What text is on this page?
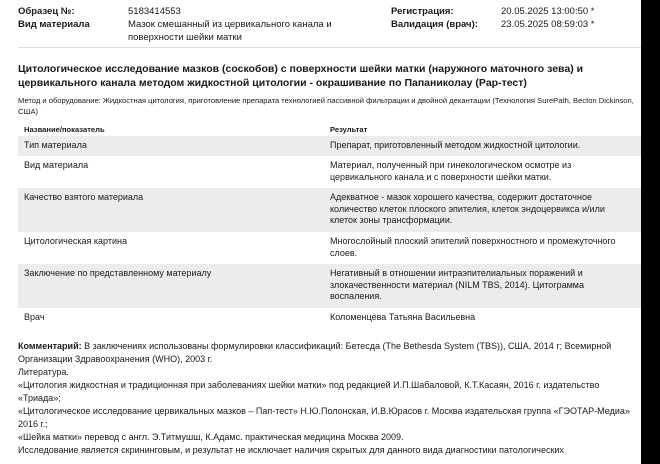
Образец №:	5183414553
Вид материала	Мазок смешанный из цервикального канала и поверхности шейки матки
Регистрация:	20.05.2025 13:00:50 *
Валидация (врач): 23.05.2025 08:59:03 *
Цитологическое исследование мазков (соскобов) с поверхности шейки матки (наружного маточного зева) и цервикального канала методом жидкостной цитологии - окрашивание по Папаниколау (Pap-тест)
Метод и оборудование: Жидкостная цитология, приготовление препарата технологией пассивной фильтрации и двойной декантации (Технология SurePath, Becton Dickinson, США)
Название/показатель	Результат
Тип материала	Препарат, приготовленный методом жидкостной цитологии.
Вид материала	Материал, полученный при гинекологическом осмотре из цервикального канала и с поверхности шейки матки.
Качество взятого материала	Адекватное - мазок хорошего качества, содержит достаточное количество клеток плоского эпителия, клеток эндоцервикса и/или клеток зоны трансформации.
Цитологическая картина	Многослойный плоский эпителий поверхностного и промежуточного слоев.
Заключение по представленному материалу	Негативный в отношении интраэпителиальных поражений и злокачественности материал (NILM TBS, 2014). Цитограмма воспаления.
Врач	Коломенцева Татьяна Васильевна

Комментарий: В заключениях использованы формулировки классификаций: Бетесда (The Bethesda System (TBS)), США, 2014 г; Всемирной Организации Здравоохранения (WHO), 2003 г.

Литература.

«Цитология жидкостная и традиционная при заболеваниях шейки матки» под редакцией И.П.Шабаловой, К.Т.Касаян, 2016 г. издательство «Триада»;

«Цитологическое исследование цервикальных мазков – Пап-тест» Н.Ю.Полонская, И.В.Юрасов г. Москва издательская группа «ГЭОТАР-Медиа» 2016 г.;

«Шейка матки» перевод с англ. Э.Титмушш, К.Адамс. практическая медицина Москва 2009.

Исследование является скрининговым, и результат не исключает наличия скрытых для данного вида диагностики патологических
